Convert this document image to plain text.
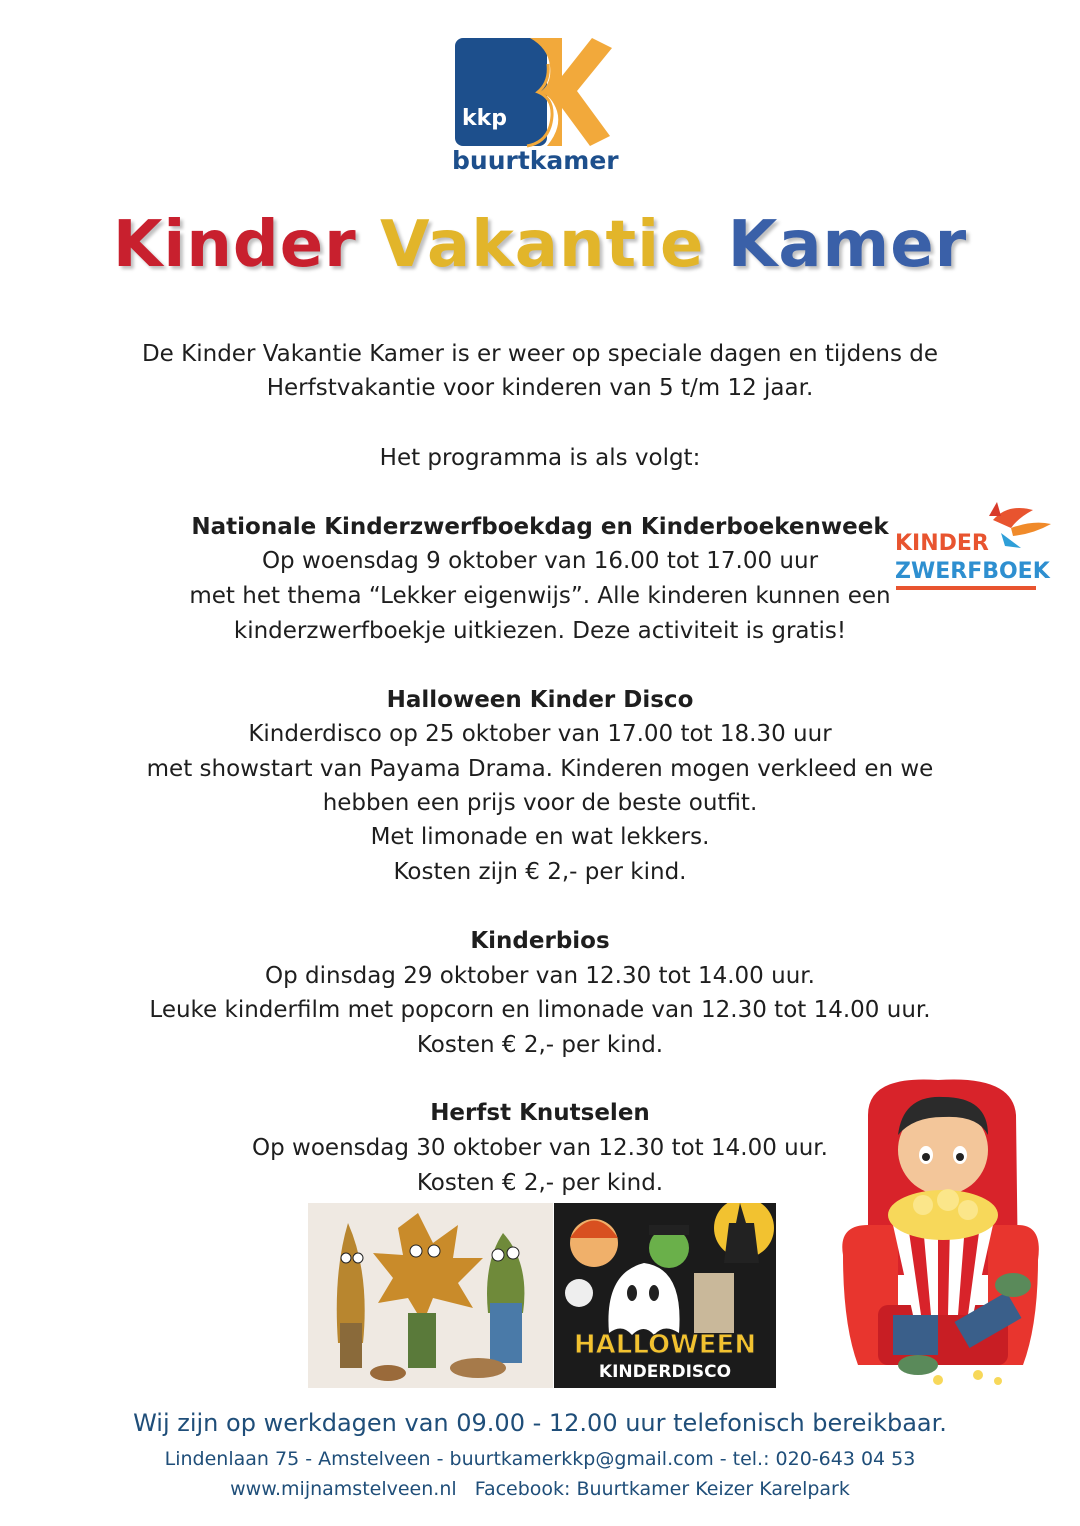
kkp
buurtkamer
Kinder Vakantie Kamer
De Kinder Vakantie Kamer is er weer op speciale dagen en tijdens de
Herfstvakantie voor kinderen van 5 t/m 12 jaar.
Het programma is als volgt:
Nationale Kinderzwerfboekdag en Kinderboekenweek
Op woensdag 9 oktober van 16.00 tot 17.00 uur
met het thema “Lekker eigenwijs”. Alle kinderen kunnen een
kinderzwerfboekje uitkiezen. Deze activiteit is gratis!
Halloween Kinder Disco
Kinderdisco op 25 oktober van 17.00 tot 18.30 uur
met showstart van Payama Drama. Kinderen mogen verkleed en we
hebben een prijs voor de beste outfit.
Met limonade en wat lekkers.
Kosten zijn € 2,- per kind.
Kinderbios
Op dinsdag 29 oktober van 12.30 tot 14.00 uur.
Leuke kinderfilm met popcorn en limonade van 12.30 tot 14.00 uur.
Kosten € 2,- per kind.
Herfst Knutselen
Op woensdag 30 oktober van 12.30 tot 14.00 uur.
Kosten € 2,- per kind.
KINDER
ZWERFBOEK
HALLOWEEN
KINDERDISCO
Wij zijn op werkdagen van 09.00 - 12.00 uur telefonisch bereikbaar.
Lindenlaan 75 - Amstelveen - buurtkamerkkp@gmail.com - tel.: 020-643 04 53
www.mijnamstelveen.nl   Facebook: Buurtkamer Keizer Karelpark
